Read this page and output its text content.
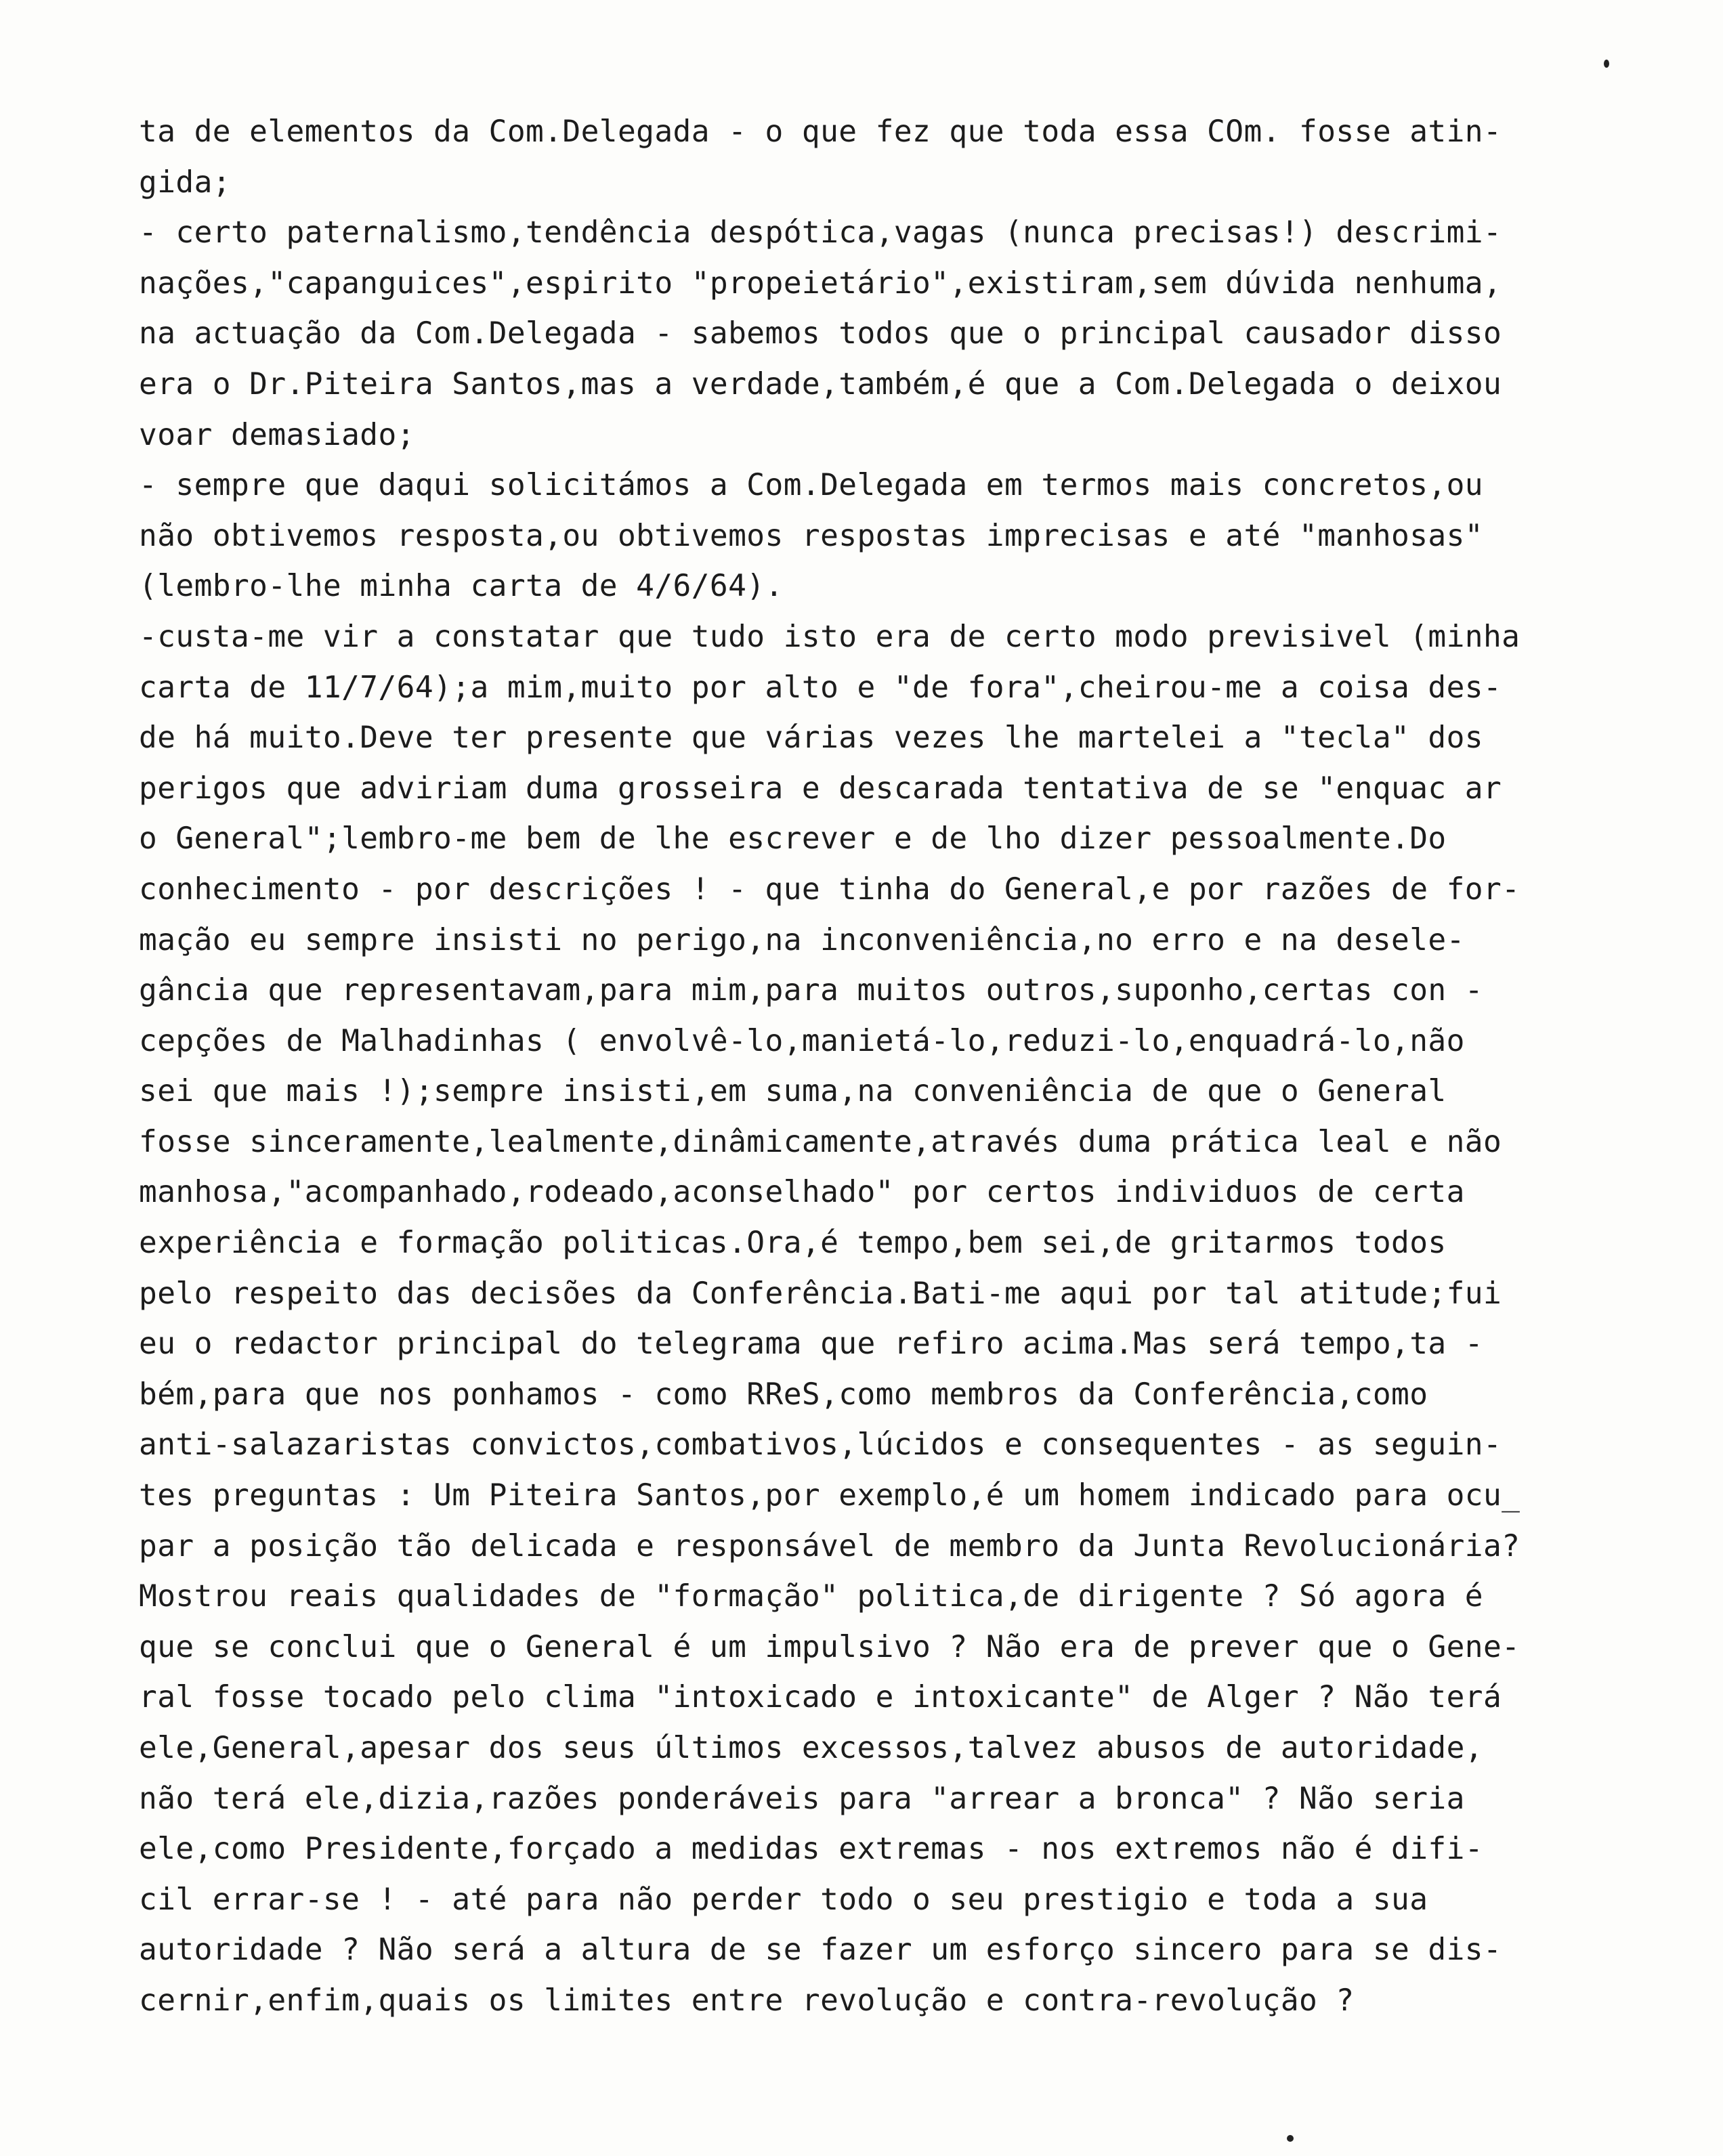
ta de elementos da Com.Delegada - o que fez que toda essa COm. fosse atin-
gida;
- certo paternalismo,tendência despótica,vagas (nunca precisas!) descrimi-
nações,"capanguices",espirito "propeietário",existiram,sem dúvida nenhuma,
na actuação da Com.Delegada - sabemos todos que o principal causador disso
era o Dr.Piteira Santos,mas a verdade,também,é que a Com.Delegada o deixou
voar demasiado;
- sempre que daqui solicitámos a Com.Delegada em termos mais concretos,ou
não obtivemos resposta,ou obtivemos respostas imprecisas e até "manhosas"
(lembro-lhe minha carta de 4/6/64).
-custa-me vir a constatar que tudo isto era de certo modo previsivel (minha
carta de 11/7/64);a mim,muito por alto e "de fora",cheirou-me a coisa des-
de há muito.Deve ter presente que várias vezes lhe martelei a "tecla" dos
perigos que adviriam duma grosseira e descarada tentativa de se "enquac ar
o General";lembro-me bem de lhe escrever e de lho dizer pessoalmente.Do
conhecimento - por descrições ! - que tinha do General,e por razões de for-
mação eu sempre insisti no perigo,na inconveniência,no erro e na desele-
gância que representavam,para mim,para muitos outros,suponho,certas con -
cepções de Malhadinhas ( envolvê-lo,manietá-lo,reduzi-lo,enquadrá-lo,não
sei que mais !);sempre insisti,em suma,na conveniência de que o General
fosse sinceramente,lealmente,dinâmicamente,através duma prática leal e não
manhosa,"acompanhado,rodeado,aconselhado" por certos individuos de certa
experiência e formação politicas.Ora,é tempo,bem sei,de gritarmos todos
pelo respeito das decisões da Conferência.Bati-me aqui por tal atitude;fui
eu o redactor principal do telegrama que refiro acima.Mas será tempo,ta -
bém,para que nos ponhamos - como RReS,como membros da Conferência,como
anti-salazaristas convictos,combativos,lúcidos e consequentes - as seguin-
tes preguntas : Um Piteira Santos,por exemplo,é um homem indicado para ocu_
par a posição tão delicada e responsável de membro da Junta Revolucionária?
Mostrou reais qualidades de "formação" politica,de dirigente ? Só agora é
que se conclui que o General é um impulsivo ? Não era de prever que o Gene-
ral fosse tocado pelo clima "intoxicado e intoxicante" de Alger ? Não terá
ele,General,apesar dos seus últimos excessos,talvez abusos de autoridade,
não terá ele,dizia,razões ponderáveis para "arrear a bronca" ? Não seria
ele,como Presidente,forçado a medidas extremas - nos extremos não é difi-
cil errar-se ! - até para não perder todo o seu prestigio e toda a sua
autoridade ? Não será a altura de se fazer um esforço sincero para se dis-
cernir,enfim,quais os limites entre revolução e contra-revolução ?
